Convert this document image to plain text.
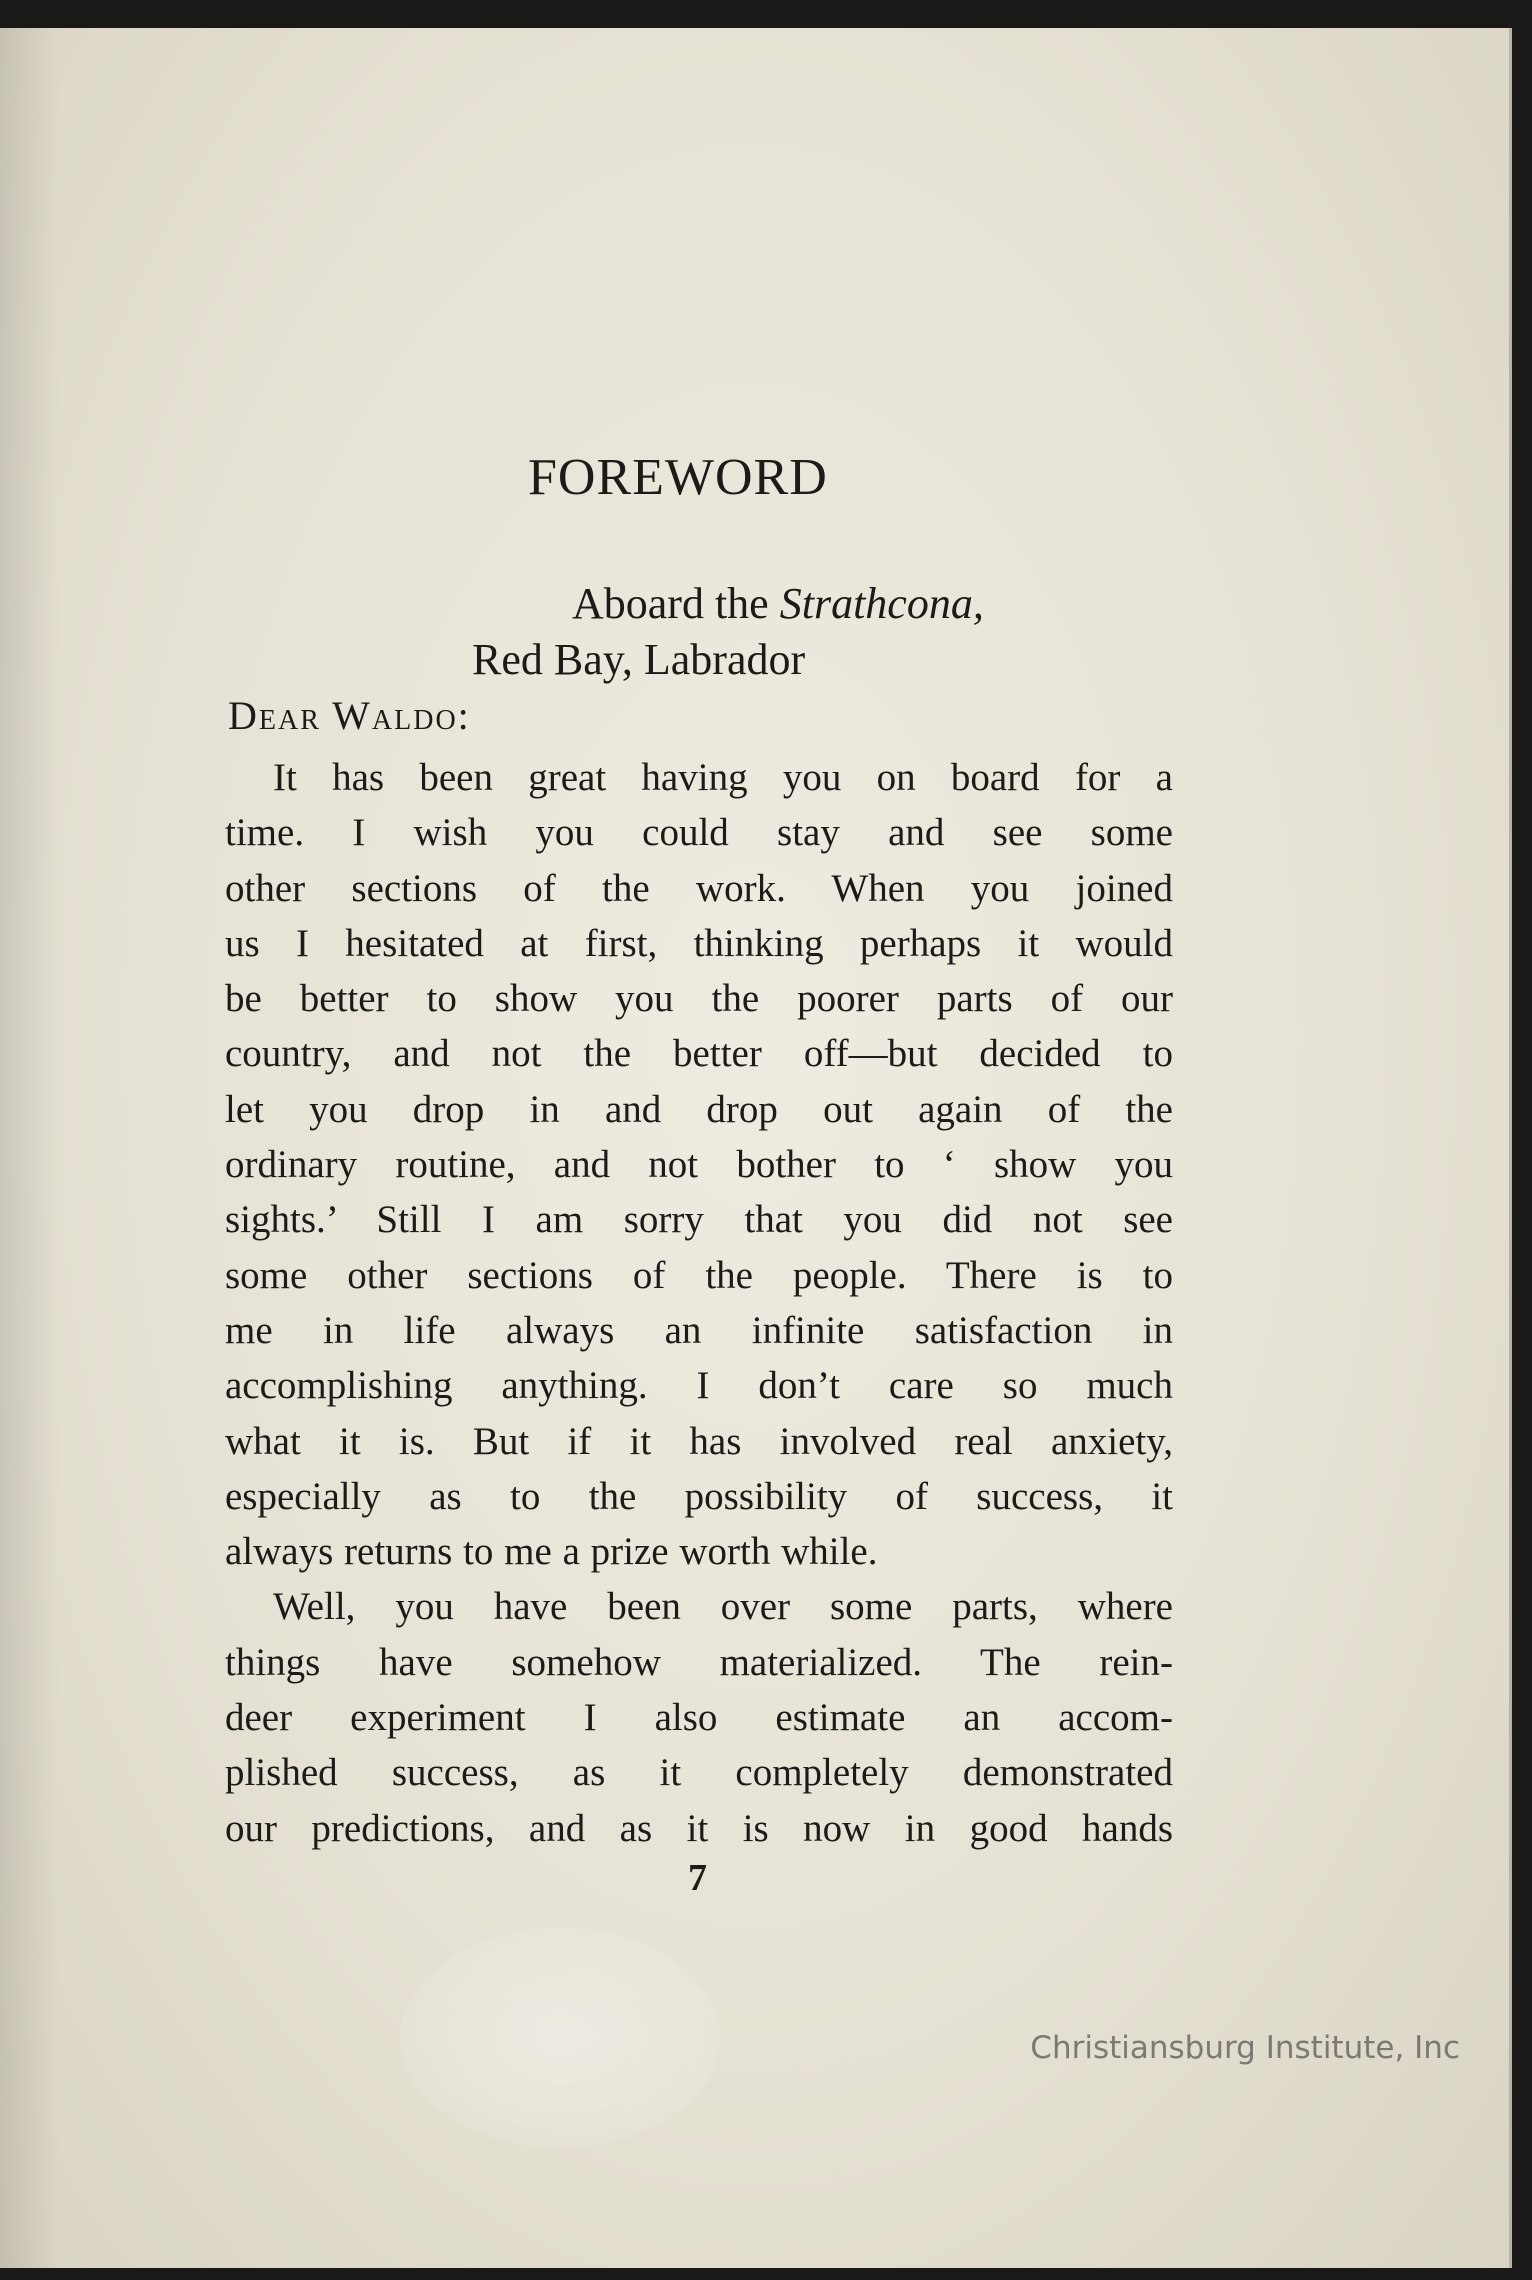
FOREWORD
Aboard the Strathcona,
Red Bay, Labrador
Dear Waldo:
It has been great having you on board for a
time. I wish you could stay and see some
other sections of the work. When you joined
us I hesitated at first, thinking perhaps it would
be better to show you the poorer parts of our
country, and not the better off—but decided to
let you drop in and drop out again of the
ordinary routine, and not bother to ‘ show you
sights.’ Still I am sorry that you did not see
some other sections of the people. There is to
me in life always an infinite satisfaction in
accomplishing anything. I don’t care so much
what it is. But if it has involved real anxiety,
especially as to the possibility of success, it
always returns to me a prize worth while.
Well, you have been over some parts, where
things have somehow materialized. The rein-
deer experiment I also estimate an accom-
plished success, as it completely demonstrated
our predictions, and as it is now in good hands
7
Christiansburg Institute, Inc
